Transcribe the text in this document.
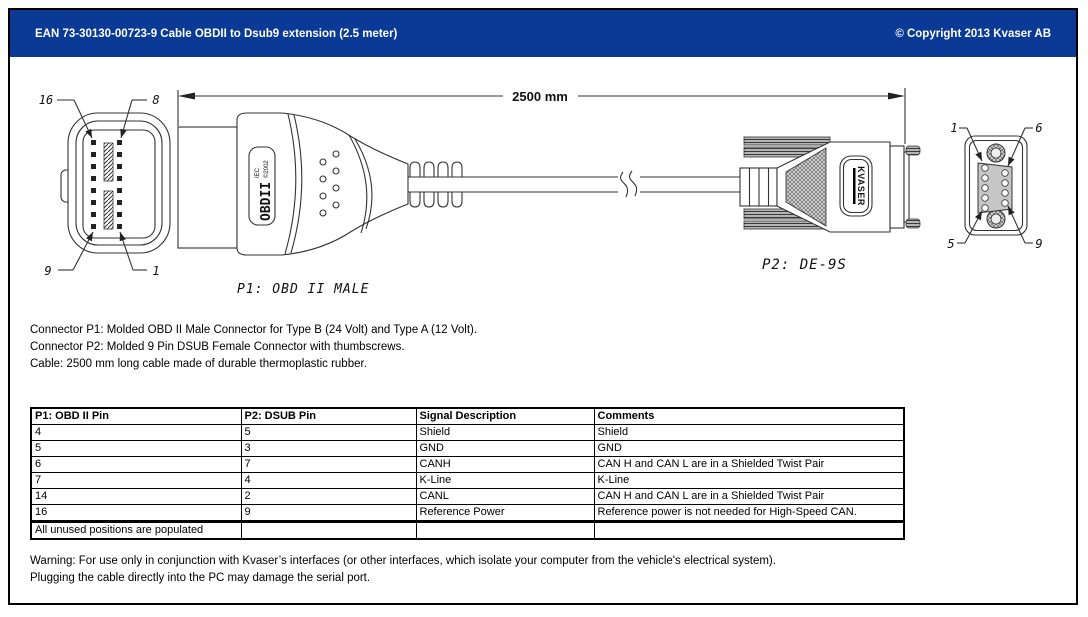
EAN 73-30130-00723-9 Cable OBDII to Dsub9 extension (2.5 meter)	© Copyright 2013 Kvaser AB
2500 mm
16	8
9	1
OBDII
IEC ©2002	KVASER
1	6
5	9
P1: OBD II MALE
P2: DE-9S
Connector P1: Molded OBD II Male Connector for Type B (24 Volt) and Type A (12 Volt).
Connector P2: Molded 9 Pin DSUB Female Connector with thumbscrews.
Cable: 2500 mm long cable made of durable thermoplastic rubber.
P1: OBD II Pin	P2: DSUB Pin	Signal Description	Comments
4	5	Shield	Shield
5	3	GND	GND
6	7	CANH	CAN H and CAN L are in a Shielded Twist Pair
7	4	K-Line	K-Line
14	2	CANL	CAN H and CAN L are in a Shielded Twist Pair
16	9	Reference Power	Reference power is not needed for High-Speed CAN.
All unused positions are populated			
Warning: For use only in conjunction with Kvaser’s interfaces (or other interfaces, which isolate your computer from the vehicle's electrical system).
Plugging the cable directly into the PC may damage the serial port.
